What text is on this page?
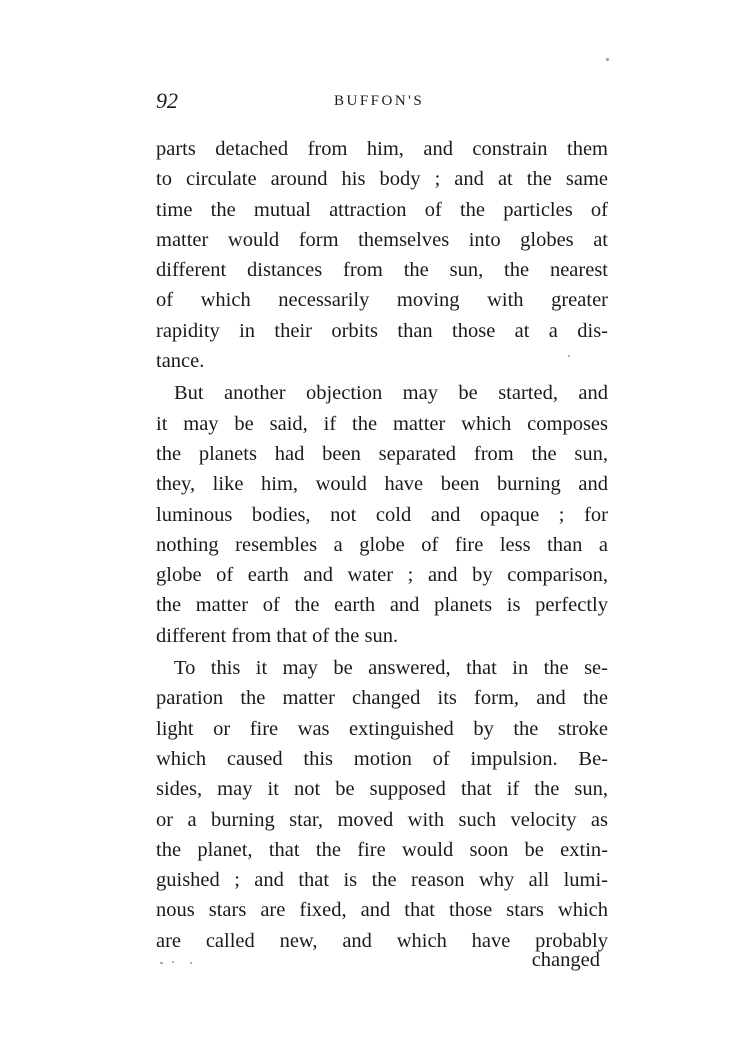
92	BUFFON'S
parts detached from him, and constrain them
to circulate around his body ; and at the same
time the mutual attraction of the particles of
matter would form themselves into globes at
different distances from the sun, the nearest
of which necessarily moving with greater
rapidity in their orbits than those at a dis-
tance.
But another objection may be started, and
it may be said, if the matter which composes
the planets had been separated from the sun,
they, like him, would have been burning and
luminous bodies, not cold and opaque ; for
nothing resembles a globe of fire less than a
globe of earth and water ; and by comparison,
the matter of the earth and planets is perfectly
different from that of the sun.
To this it may be answered, that in the se-
paration the matter changed its form, and the
light or fire was extinguished by the stroke
which caused this motion of impulsion. Be-
sides, may it not be supposed that if the sun,
or a burning star, moved with such velocity as
the planet, that the fire would soon be extin-
guished ; and that is the reason why all lumi-
nous stars are fixed, and that those stars which
are called new, and which have probably
changed
